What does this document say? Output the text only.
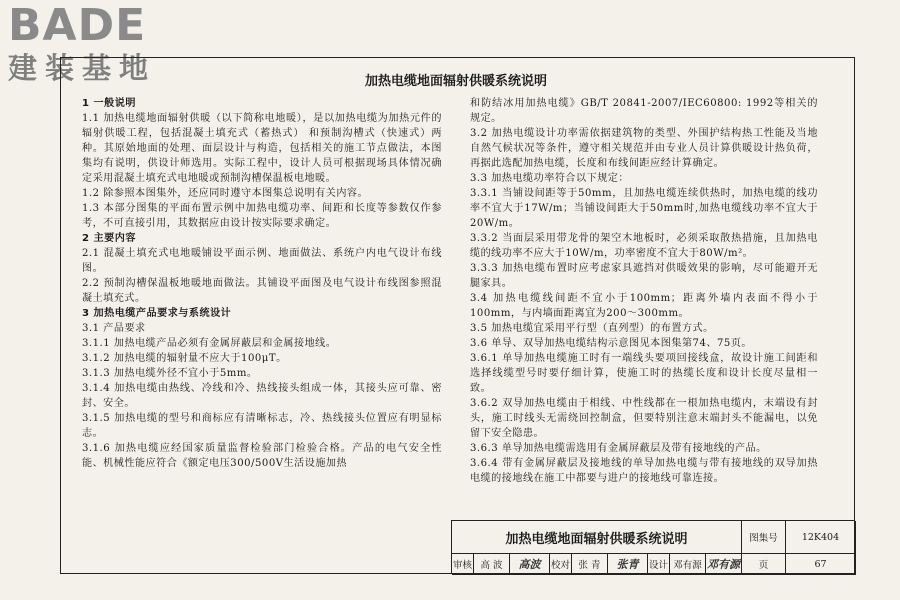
BADE
建装基地	加热电缆地面辐射供暖系统说明

1 一般说明

1.1 加热电缆地面辐射供暖（以下简称电地暖），是以加热电缆为加热元件的辐射供暖工程，包括混凝土填充式（蓄热式） 和预制沟槽式（快速式）两种。其原始地面的处理、面层设计与构造，包括相关的施工节点做法，本图集均有说明，供设计师选用。实际工程中，设计人员可根据现场具体情况确定采用混凝土填充式电地暖或预制沟槽保温板电地暖。

1.2 除参照本图集外，还应同时遵守本图集总说明有关内容。

1.3 本部分图集的平面布置示例中加热电缆功率、间距和长度等参数仅作参考，不可直接引用，其数据应由设计按实际要求确定。

2 主要内容

2.1 混凝土填充式电地暖铺设平面示例、地面做法、系统户内电气设计布线图。

2.2 预制沟槽保温板地暖地面做法。其铺设平面图及电气设计布线图参照混凝土填充式。

3 加热电缆产品要求与系统设计

3.1 产品要求

3.1.1 加热电缆产品必须有金属屏蔽层和金属接地线。

3.1.2 加热电缆的辐射量不应大于100μT。

3.1.3 加热电缆外径不宜小于5mm。

3.1.4 加热电缆由热线、冷线和冷、热线接头组成一体，其接头应可靠、密封、安全。

3.1.5 加热电缆的型号和商标应有清晰标志，冷、热线接头位置应有明显标志。

3.1.6 加热电缆应经国家质量监督检验部门检验合格。产品的电气安全性能、机械性能应符合《额定电压300/500V生活设施加热

和防结冰用加热电缆》GB/T 20841-2007/IEC60800: 1992等相关的规定。

3.2 加热电缆设计功率需依据建筑物的类型、外围护结构热工性能及当地自然气候状况等条件，遵守相关规范并由专业人员计算供暖设计热负荷，再据此选配加热电缆，长度和布线间距应经计算确定。

3.3 加热电缆功率符合以下规定：

3.3.1 当铺设间距等于50mm，且加热电缆连续供热时，加热电缆的线功率不宜大于17W/m；当铺设间距大于50mm时,加热电缆线功率不宜大于20W/m。

3.3.2 当面层采用带龙骨的架空木地板时，必须采取散热措施，且加热电缆的线功率不应大于10W/m，功率密度不宜大于80W/m²。

3.3.3 加热电缆布置时应考虑家具遮挡对供暖效果的影响，尽可能避开无腿家具。

3.4 加热电缆线间距不宜小于100mm；距离外墙内表面不得小于100mm，与内墙面距离宜为200～300mm。

3.5 加热电缆宜采用平行型（直列型）的布置方式。

3.6 单导、双导加热电缆结构示意图见本图集第74、75页。

3.6.1 单导加热电缆施工时有一端线头要项回接线盒，故设计施工间距和选择线缆型号时要仔细计算，使施工时的热缆长度和设计长度尽量相一致。

3.6.2 双导加热电缆由于相线、中性线都在一根加热电缆内，末端设有封头，施工时线头无需绕回控制盒，但要特别注意末端封头不能漏电，以免留下安全隐患。

3.6.3 单导加热电缆需选用有金属屏蔽层及带有接地线的产品。

3.6.4 带有金属屏蔽层及接地线的单导加热电缆与带有接地线的双导加热电缆的接地线在施工中都要与进户的接地线可靠连接。

加热电缆地面辐射供暖系统说明	图集号	12K404
审核 高 波	高波	校对 张 青	张青	设计 邓有源 邓有源	页	67
